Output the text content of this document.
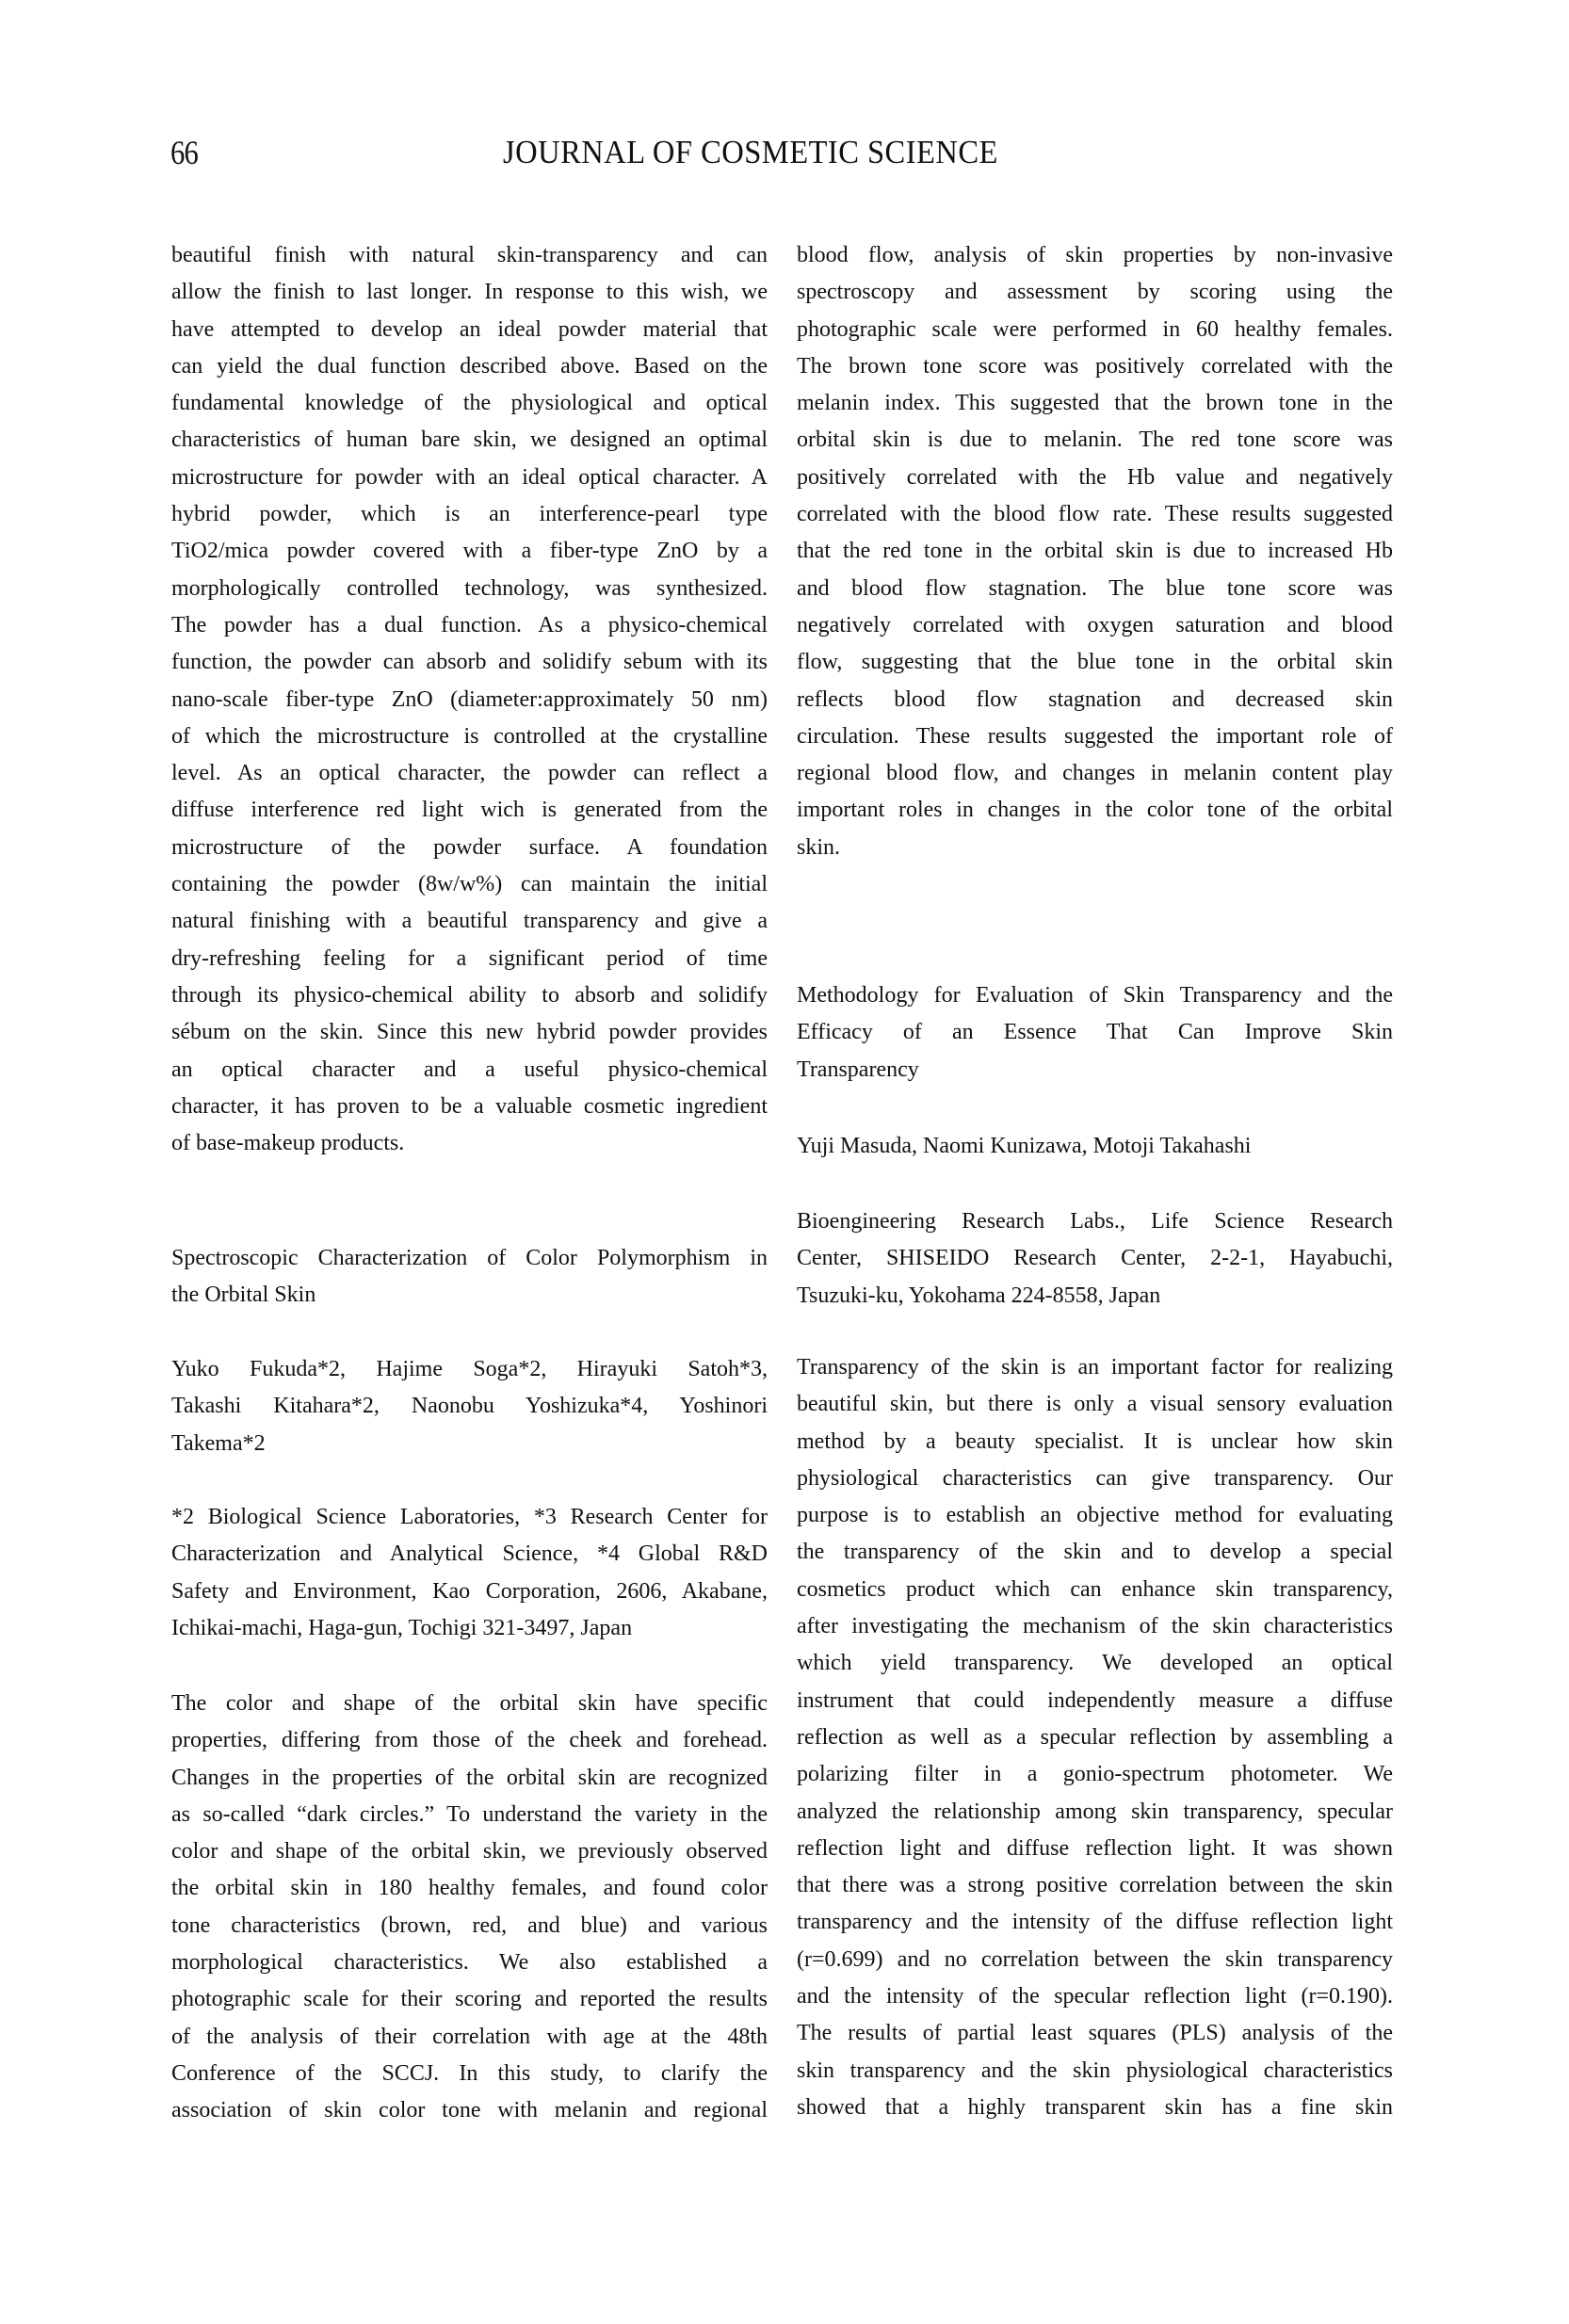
66	JOURNAL OF COSMETIC SCIENCE
beautiful finish with natural skin-transparency and can
allow the finish to last longer. In response to this wish, we
have attempted to develop an ideal powder material that
can yield the dual function described above. Based on the
fundamental knowledge of the physiological and optical
characteristics of human bare skin, we designed an optimal
microstructure for powder with an ideal optical character. A
hybrid powder, which is an interference-pearl type
TiO2/mica powder covered with a fiber-type ZnO by a
morphologically controlled technology, was synthesized.
The powder has a dual function. As a physico-chemical
function, the powder can absorb and solidify sebum with its
nano-scale fiber-type ZnO (diameter:approximately 50 nm)
of which the microstructure is controlled at the crystalline
level. As an optical character, the powder can reflect a
diffuse interference red light wich is generated from the
microstructure of the powder surface. A foundation
containing the powder (8w/w%) can maintain the initial
natural finishing with a beautiful transparency and give a
dry-refreshing feeling for a significant period of time
through its physico-chemical ability to absorb and solidify
sébum on the skin. Since this new hybrid powder provides
an optical character and a useful physico-chemical
character, it has proven to be a valuable cosmetic ingredient
of base-makeup products.
Spectroscopic Characterization of Color Polymorphism in
the Orbital Skin
Yuko Fukuda*2, Hajime Soga*2, Hirayuki Satoh*3,
Takashi Kitahara*2, Naonobu Yoshizuka*4, Yoshinori
Takema*2
*2 Biological Science Laboratories, *3 Research Center for
Characterization and Analytical Science, *4 Global R&D
Safety and Environment, Kao Corporation, 2606, Akabane,
Ichikai-machi, Haga-gun, Tochigi 321-3497, Japan
The color and shape of the orbital skin have specific
properties, differing from those of the cheek and forehead.
Changes in the properties of the orbital skin are recognized
as so-called “dark circles.” To understand the variety in the
color and shape of the orbital skin, we previously observed
the orbital skin in 180 healthy females, and found color
tone characteristics (brown, red, and blue) and various
morphological characteristics. We also established a
photographic scale for their scoring and reported the results
of the analysis of their correlation with age at the 48th
Conference of the SCCJ. In this study, to clarify the
association of skin color tone with melanin and regional
blood flow, analysis of skin properties by non-invasive
spectroscopy and assessment by scoring using the
photographic scale were performed in 60 healthy females.
The brown tone score was positively correlated with the
melanin index. This suggested that the brown tone in the
orbital skin is due to melanin. The red tone score was
positively correlated with the Hb value and negatively
correlated with the blood flow rate. These results suggested
that the red tone in the orbital skin is due to increased Hb
and blood flow stagnation. The blue tone score was
negatively correlated with oxygen saturation and blood
flow, suggesting that the blue tone in the orbital skin
reflects blood flow stagnation and decreased skin
circulation. These results suggested the important role of
regional blood flow, and changes in melanin content play
important roles in changes in the color tone of the orbital
skin.
Methodology for Evaluation of Skin Transparency and the
Efficacy of an Essence That Can Improve Skin
Transparency
Yuji Masuda, Naomi Kunizawa, Motoji Takahashi
Bioengineering Research Labs., Life Science Research
Center, SHISEIDO Research Center, 2-2-1, Hayabuchi,
Tsuzuki-ku, Yokohama 224-8558, Japan
Transparency of the skin is an important factor for realizing
beautiful skin, but there is only a visual sensory evaluation
method by a beauty specialist. It is unclear how skin
physiological characteristics can give transparency. Our
purpose is to establish an objective method for evaluating
the transparency of the skin and to develop a special
cosmetics product which can enhance skin transparency,
after investigating the mechanism of the skin characteristics
which yield transparency. We developed an optical
instrument that could independently measure a diffuse
reflection as well as a specular reflection by assembling a
polarizing filter in a gonio-spectrum photometer. We
analyzed the relationship among skin transparency, specular
reflection light and diffuse reflection light. It was shown
that there was a strong positive correlation between the skin
transparency and the intensity of the diffuse reflection light
(r=0.699) and no correlation between the skin transparency
and the intensity of the specular reflection light (r=0.190).
The results of partial least squares (PLS) analysis of the
skin transparency and the skin physiological characteristics
showed that a highly transparent skin has a fine skin
